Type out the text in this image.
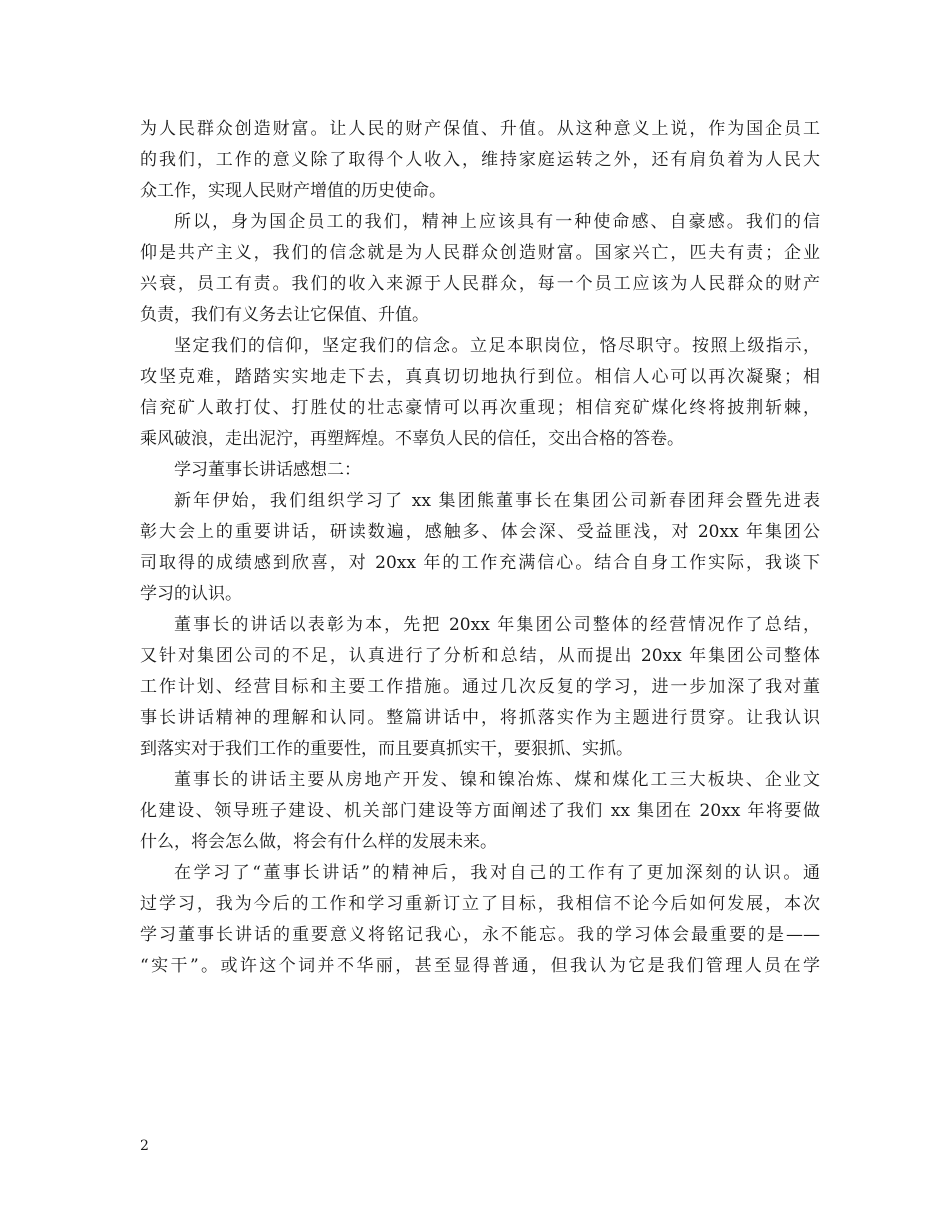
为人民群众创造财富。让人民的财产保值、升值。从这种意义上说，作为国企员工
的我们，工作的意义除了取得个人收入，维持家庭运转之外，还有肩负着为人民大
众工作，实现人民财产增值的历史使命。
所以，身为国企员工的我们，精神上应该具有一种使命感、自豪感。我们的信
仰是共产主义，我们的信念就是为人民群众创造财富。国家兴亡，匹夫有责；企业
兴衰，员工有责。我们的收入来源于人民群众，每一个员工应该为人民群众的财产
负责，我们有义务去让它保值、升值。
坚定我们的信仰，坚定我们的信念。立足本职岗位，恪尽职守。按照上级指示，
攻坚克难，踏踏实实地走下去，真真切切地执行到位。相信人心可以再次凝聚；相
信兖矿人敢打仗、打胜仗的壮志豪情可以再次重现；相信兖矿煤化终将披荆斩棘，
乘风破浪，走出泥泞，再塑辉煌。不辜负人民的信任，交出合格的答卷。
学习董事长讲话感想二：
新年伊始，我们组织学习了 xx 集团熊董事长在集团公司新春团拜会暨先进表
彰大会上的重要讲话，研读数遍，感触多、体会深、受益匪浅，对 20xx 年集团公
司取得的成绩感到欣喜，对 20xx 年的工作充满信心。结合自身工作实际，我谈下
学习的认识。
董事长的讲话以表彰为本，先把 20xx 年集团公司整体的经营情况作了总结，
又针对集团公司的不足，认真进行了分析和总结，从而提出 20xx 年集团公司整体
工作计划、经营目标和主要工作措施。通过几次反复的学习，进一步加深了我对董
事长讲话精神的理解和认同。整篇讲话中，将抓落实作为主题进行贯穿。让我认识
到落实对于我们工作的重要性，而且要真抓实干，要狠抓、实抓。
董事长的讲话主要从房地产开发、镍和镍冶炼、煤和煤化工三大板块、企业文
化建设、领导班子建设、机关部门建设等方面阐述了我们 xx 集团在 20xx 年将要做
什么，将会怎么做，将会有什么样的发展未来。
在学习了“董事长讲话”的精神后，我对自己的工作有了更加深刻的认识。通
过学习，我为今后的工作和学习重新订立了目标，我相信不论今后如何发展，本次
学习董事长讲话的重要意义将铭记我心，永不能忘。我的学习体会最重要的是——
“实干”。或许这个词并不华丽，甚至显得普通，但我认为它是我们管理人员在学
2
